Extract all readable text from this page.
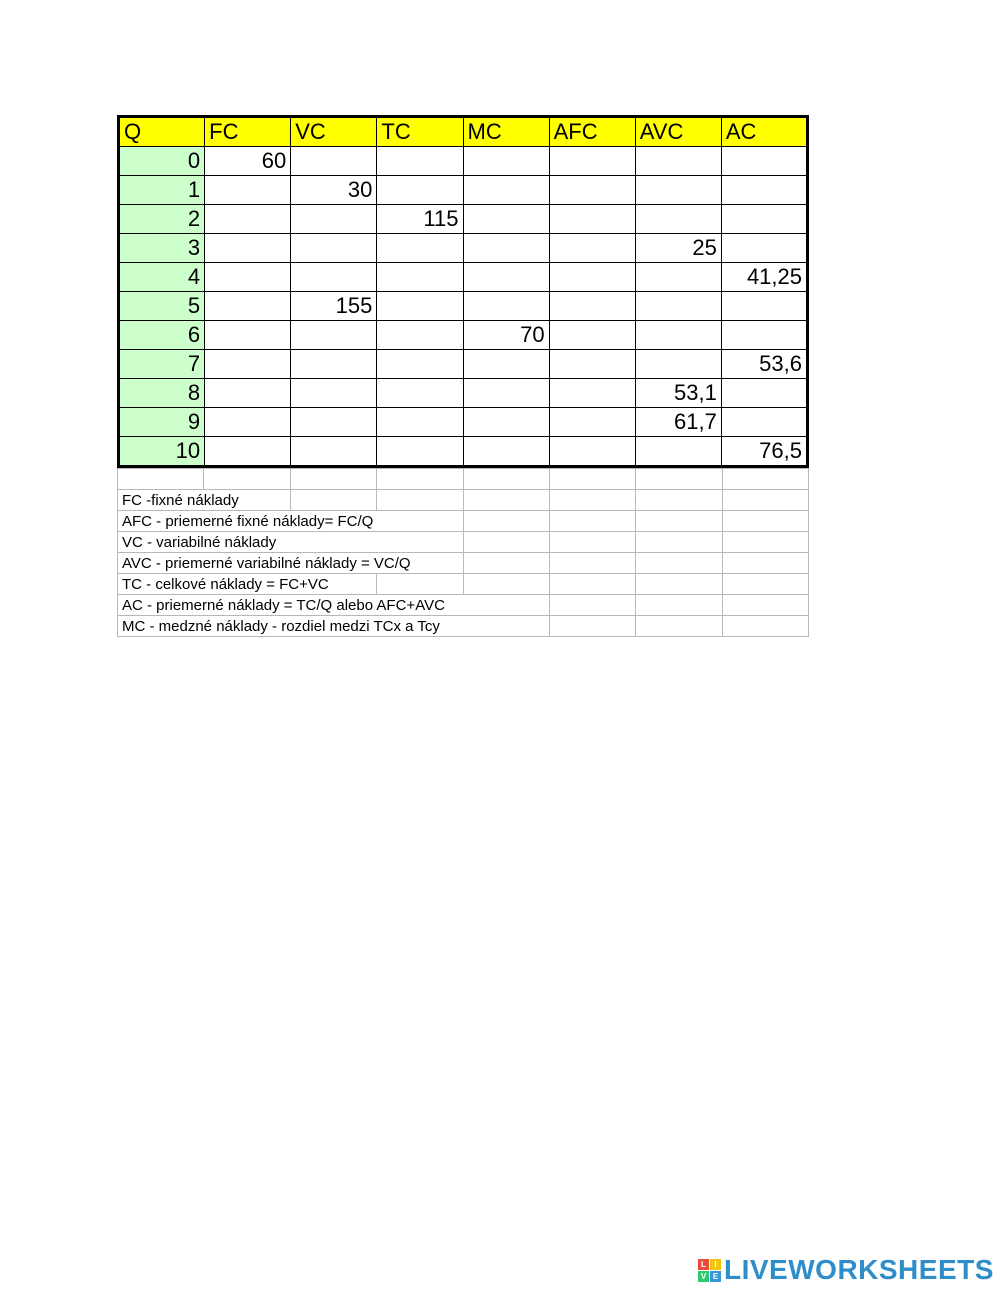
Q	FC	VC	TC	MC	AFC	AVC	AC
0	60						
1		30					
2			115				
3						25	
4							41,25
5		155					
6				70			
7							53,6
8						53,1	
9						61,7	
10							76,5

FC -fixné náklady							
AFC - priemerné fixné náklady= FC/Q							
VC - variabilné náklady							
AVC - priemerné variabilné náklady = VC/Q							
TC - celkové náklady = FC+VC							
AC - priemerné náklady = TC/Q alebo AFC+AVC							
MC - medzné náklady - rozdiel medzi TCx a Tcy							
L	I
V E LIVEWORKSHEETS
